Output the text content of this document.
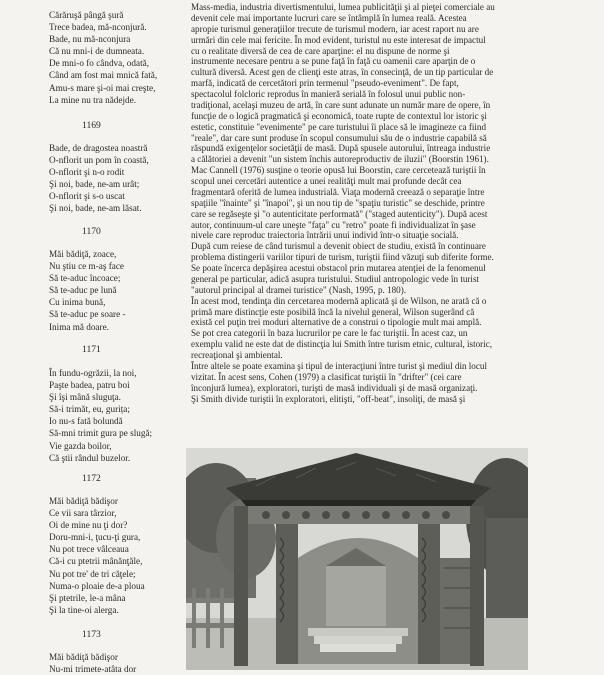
Cărăruşă pângă şură
Trece badea, mă-nconjură.
Bade, nu mă-nconjura
Că nu mni-i de dumneata.
De mni-o fo cândva, odată,
Când am fost mai mnică fată,
Amu-s mare şi-oi mai creşte,
La mine nu tra nădejde.
1169
Bade, de dragostea noastră
O-nflorit un pom în coastă,
O-nflorit şi n-o rodit
Şi noi, bade, ne-am urât;
O-nflorit şi s-o uscat
Şi noi, bade, ne-am lăsat.
1170
Măi bădiţă, zoace,
Nu ştiu ce m-aş face
Să te-aduc încoace;
Să te-aduc pe lună
Cu inima bună,
Să te-aduc pe soare -
Inima mă doare.
1171
În fundu-ogrăzii, la noi,
Paşte badea, patru boi
Şi îşi mână sluguţa.
Să-i trimăt, eu, gurița;
Io nu-s fată bolundă
Să-mni trimit gura pe slugă;
Vie gazda boilor,
Că ştii rândul buzelor.
1172
Măi bădiţă bădişor
Ce vii sara târzior,
Oi de mine nu ţi dor?
Doru-mni-i, ţucu-ţi gura,
Nu pot trece vâlceaua
Că-i cu ptetrii mânănţăle,
Nu pot tre' de tri căţele;
Numa-o ploaie de-a ploua
Şi ptetrile, le-a mâna
Şi la tine-oi alerga.
1173
Măi bădiţă bădişor
Nu-mi trimete-atâta dor
Mass-media, industria divertismentului, lumea publicităţii şi al pieţei comerciale au
devenit cele mai importante lucruri care se întâmplă în lumea reală. Acestea
apropie turismul generaţiilor trecute de turismul modern, iar acest raport nu are
urmări din cele mai fericite. În mod evident, turistul nu este interesat de impactul
cu o realitate diversă de cea de care aparţine: el nu dispune de norme şi
instrumente necesare pentru a se pune faţă în faţă cu oamenii care aparţin de o
cultură diversă. Acest gen de clienţi este atras, în consecinţă, de un tip particular de
marfă, indicată de cercetători prin termenul "pseudo-eveniment". De fapt,
spectacolul folcloric reprodus în manieră serială în folosul unui public non-
tradiţional, acelaşi muzeu de artă, în care sunt adunate un număr mare de opere, în
funcţie de o logică pragmatică şi economică, toate rupte de contextul lor istoric şi
estetic, constituie "evenimente" pe care turistului îi place să le imagineze ca fiind
"reale", dar care sunt produse în scopul consumului său de o industrie capabilă să
răspundă exigenţelor societăţii de masă. După spusele autorului, întreaga industrie
a călătoriei a devenit "un sistem închis autoreproductiv de iluzii" (Boorstin 1961).
Mac Cannell (1976) susţine o teorie opusă lui Boorstin, care cercetează turiştii în
scopul unei cercetări autentice a unei realităţi mult mai profunde decât cea
fragmentară oferită de lumea industrială. Viaţa modernă creează o separaţie între
spaţiile "înainte" şi "înapoi", şi un nou tip de "spaţiu turistic" se deschide, printre
care se regăseşte şi "o autenticitate performată" ("staged autenticity"). După acest
autor, continuum-ul care uneşte "faţa" cu "retro" poate fi individualizat în şase
nivele care reproduc traiectoria întrării unui individ într-o situaţie socială.
După cum reiese de când turismul a devenit obiect de studiu, există în continuare
problema distingerii variilor tipuri de turism, turiştii fiind văzuţi sub diferite forme.
Se poate încerca depăşirea acestui obstacol prin mutarea atenţiei de la fenomenul
general pe particular, adică asupra turistului. Studiul antropologic vede în turist
"autorul principal al dramei turistice" (Nash, 1995, p. 180).
În acest mod, tendinţa din cercetarea modernă aplicată şi de Wilson, ne arată că o
primă mare distincţie este posibilă încă la nivelul general, Wilson sugerând că
există cel puţin trei moduri alternative de a construi o tipologie mult mai amplă.
Se pot crea categorii în baza lucrurilor pe care le fac turiştii. În acest caz, un
exemplu valid ne este dat de distincţia lui Smith între turism etnic, cultural, istoric,
recreaţional şi ambiental.
Între altele se poate examina şi tipul de interacţiuni între turist şi mediul din locul
vizitat. În acest sens, Cohen (1979) a clasificat turiştii în "drifter" (cei care
înconjură lumea), exploratori, turişti de masă individuali şi de masă organizaţi.
Şi Smith divide turiştii în exploratori, elitişti, "off-beat", insoliţi, de masă şi
